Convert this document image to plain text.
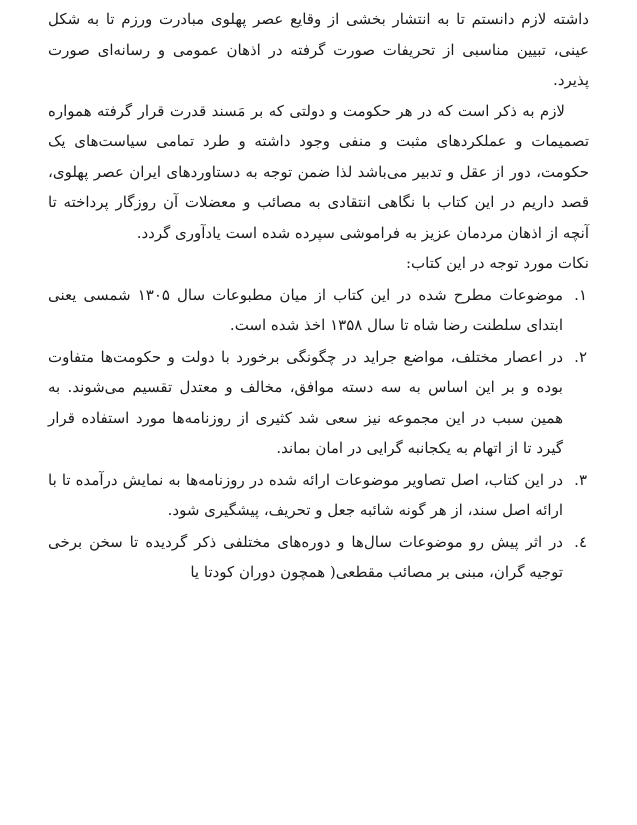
داشته لازم دانستم تا به انتشار بخشی از وقایع عصر پهلوی مبادرت ورزم تا به شکل عینی، تبیین مناسبی از تحریفات صورت گرفته در اذهان عمومی و رسانه‌ای صورت پذیرد.

لازم به ذکر است که در هر حکومت و دولتی که بر مَسند قدرت قرار گرفته همواره تصمیمات و عملکردهای مثبت و منفی وجود داشته و طرد تمامی سیاست‌های یک حکومت، دور از عقل و تدبیر می‌باشد لذا ضمن توجه به دستاوردهای ایران عصر پهلوی، قصد داریم در این کتاب با نگاهی انتقادی به مصائب و معضلات آن روزگار پرداخته تا آنچه از اذهان مردمان عزیز به فراموشی سپرده شده است یادآوری گردد.

نکات مورد توجه در این کتاب:

۱.

موضوعات مطرح شده در این کتاب از میان مطبوعات سال ۱۳۰۵ شمسی یعنی ابتدای سلطنت رضا شاه تا سال ۱۳۵۸ اخذ شده است.

۲.

در اعصار مختلف، مواضع جراید در چگونگی برخورد با دولت و حکومت‌ها متفاوت بوده و بر این اساس به سه دسته موافق، مخالف و معتدل تقسیم می‌شوند. به همین سبب در این مجموعه نیز سعی شد کثیری از روزنامه‌ها مورد استفاده قرار گیرد تا از اتهام به یکجانبه گرایی در امان بماند.

۳.

در این کتاب، اصل تصاویر موضوعات ارائه شده در روزنامه‌ها به نمایش درآمده تا با ارائه اصل سند، از هر گونه شائبه جعل و تحریف، پیشگیری شود.

٤.

در اثر پیش رو موضوعات سال‌ها و دوره‌های مختلفی ذکر گردیده تا سخن برخی توجیه گران، مبنی بر مصائب مقطعی( همچون دوران کودتا یا
